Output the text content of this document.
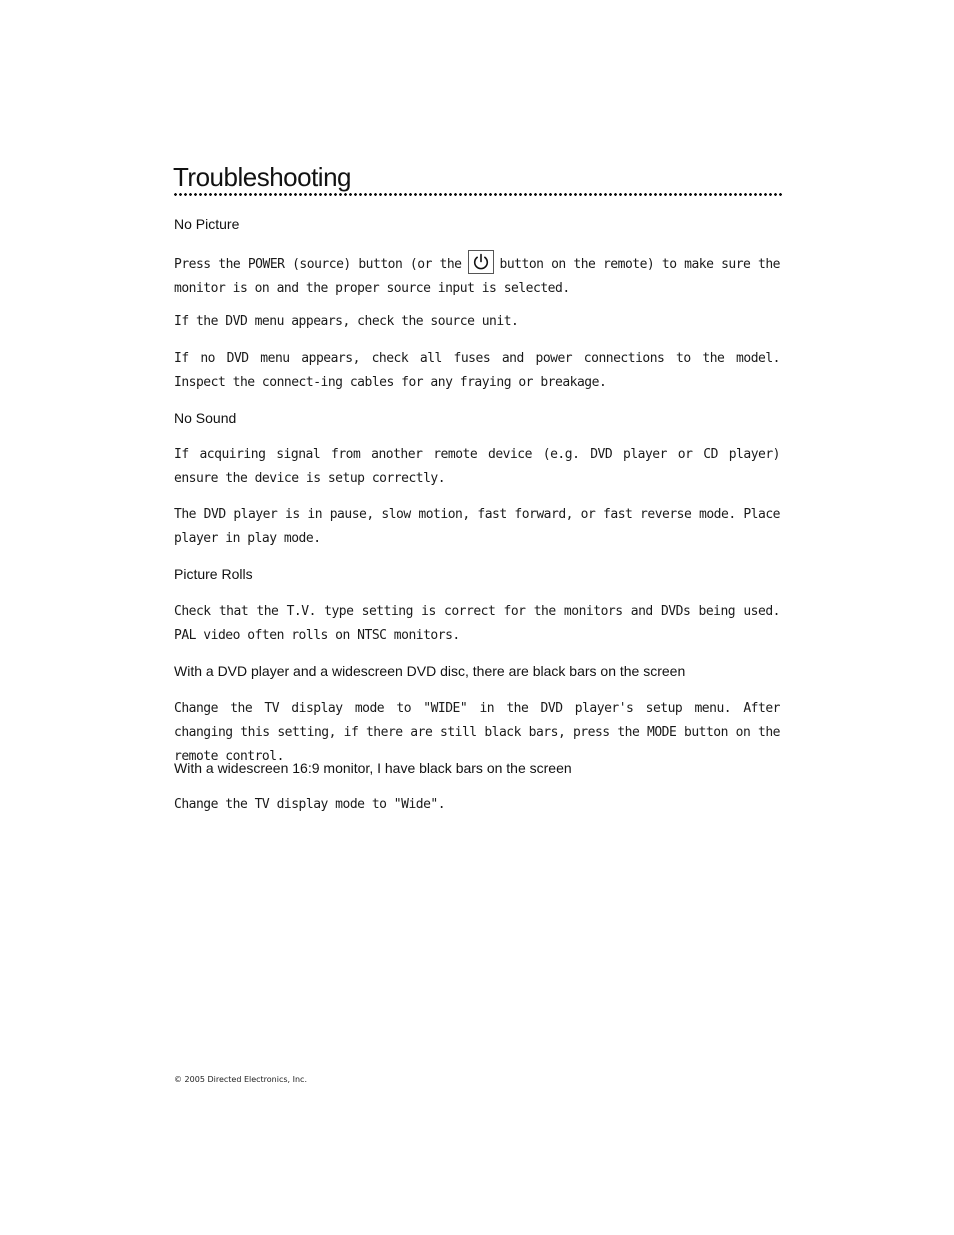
Troubleshooting
No Picture

Press the POWER (source) button (or the	button on the remote) to make sure the monitor is on and the proper source input is selected.

If the DVD menu appears, check the source unit.

If no DVD menu appears, check all fuses and power connections to the model. Inspect the connect-ing cables for any fraying or breakage.

No Sound

If acquiring signal from another remote device (e.g. DVD player or CD player) ensure the device is setup correctly.

The DVD player is in pause, slow motion, fast forward, or fast reverse mode. Place player in play mode.

Picture Rolls

Check that the T.V. type setting is correct for the monitors and DVDs being used. PAL video often rolls on NTSC monitors.

With a DVD player and a widescreen DVD disc, there are black bars on the screen

Change the TV display mode to "WIDE" in the DVD player's setup menu. After changing this setting, if there are still black bars, press the MODE button on the remote control.

With a widescreen 16:9 monitor, I have black bars on the screen

Change the TV display mode to "Wide".

© 2005 Directed Electronics, Inc.
